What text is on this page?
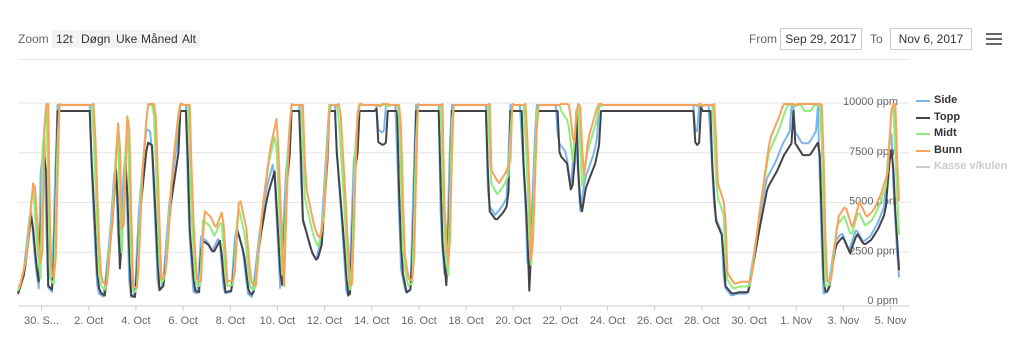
Zoom 12t Døgn Uke Måned Alt	From Sep 29, 2017	To	Nov 6, 2017
0 ppm
2500 ppm
5000 ppm
7500 ppm
10000 ppm
30. S... 2. Oct 4. Oct 6. Oct 8. Oct 10. Oct 12. Oct 14. Oct 16. Oct 18. Oct 20. Oct 22. Oct 24. Oct 26. Oct 28. Oct 30. Oct 1. Nov 3. Nov 5. Nov
Side
Topp
Midt
Bunn
Kasse v/kulen
